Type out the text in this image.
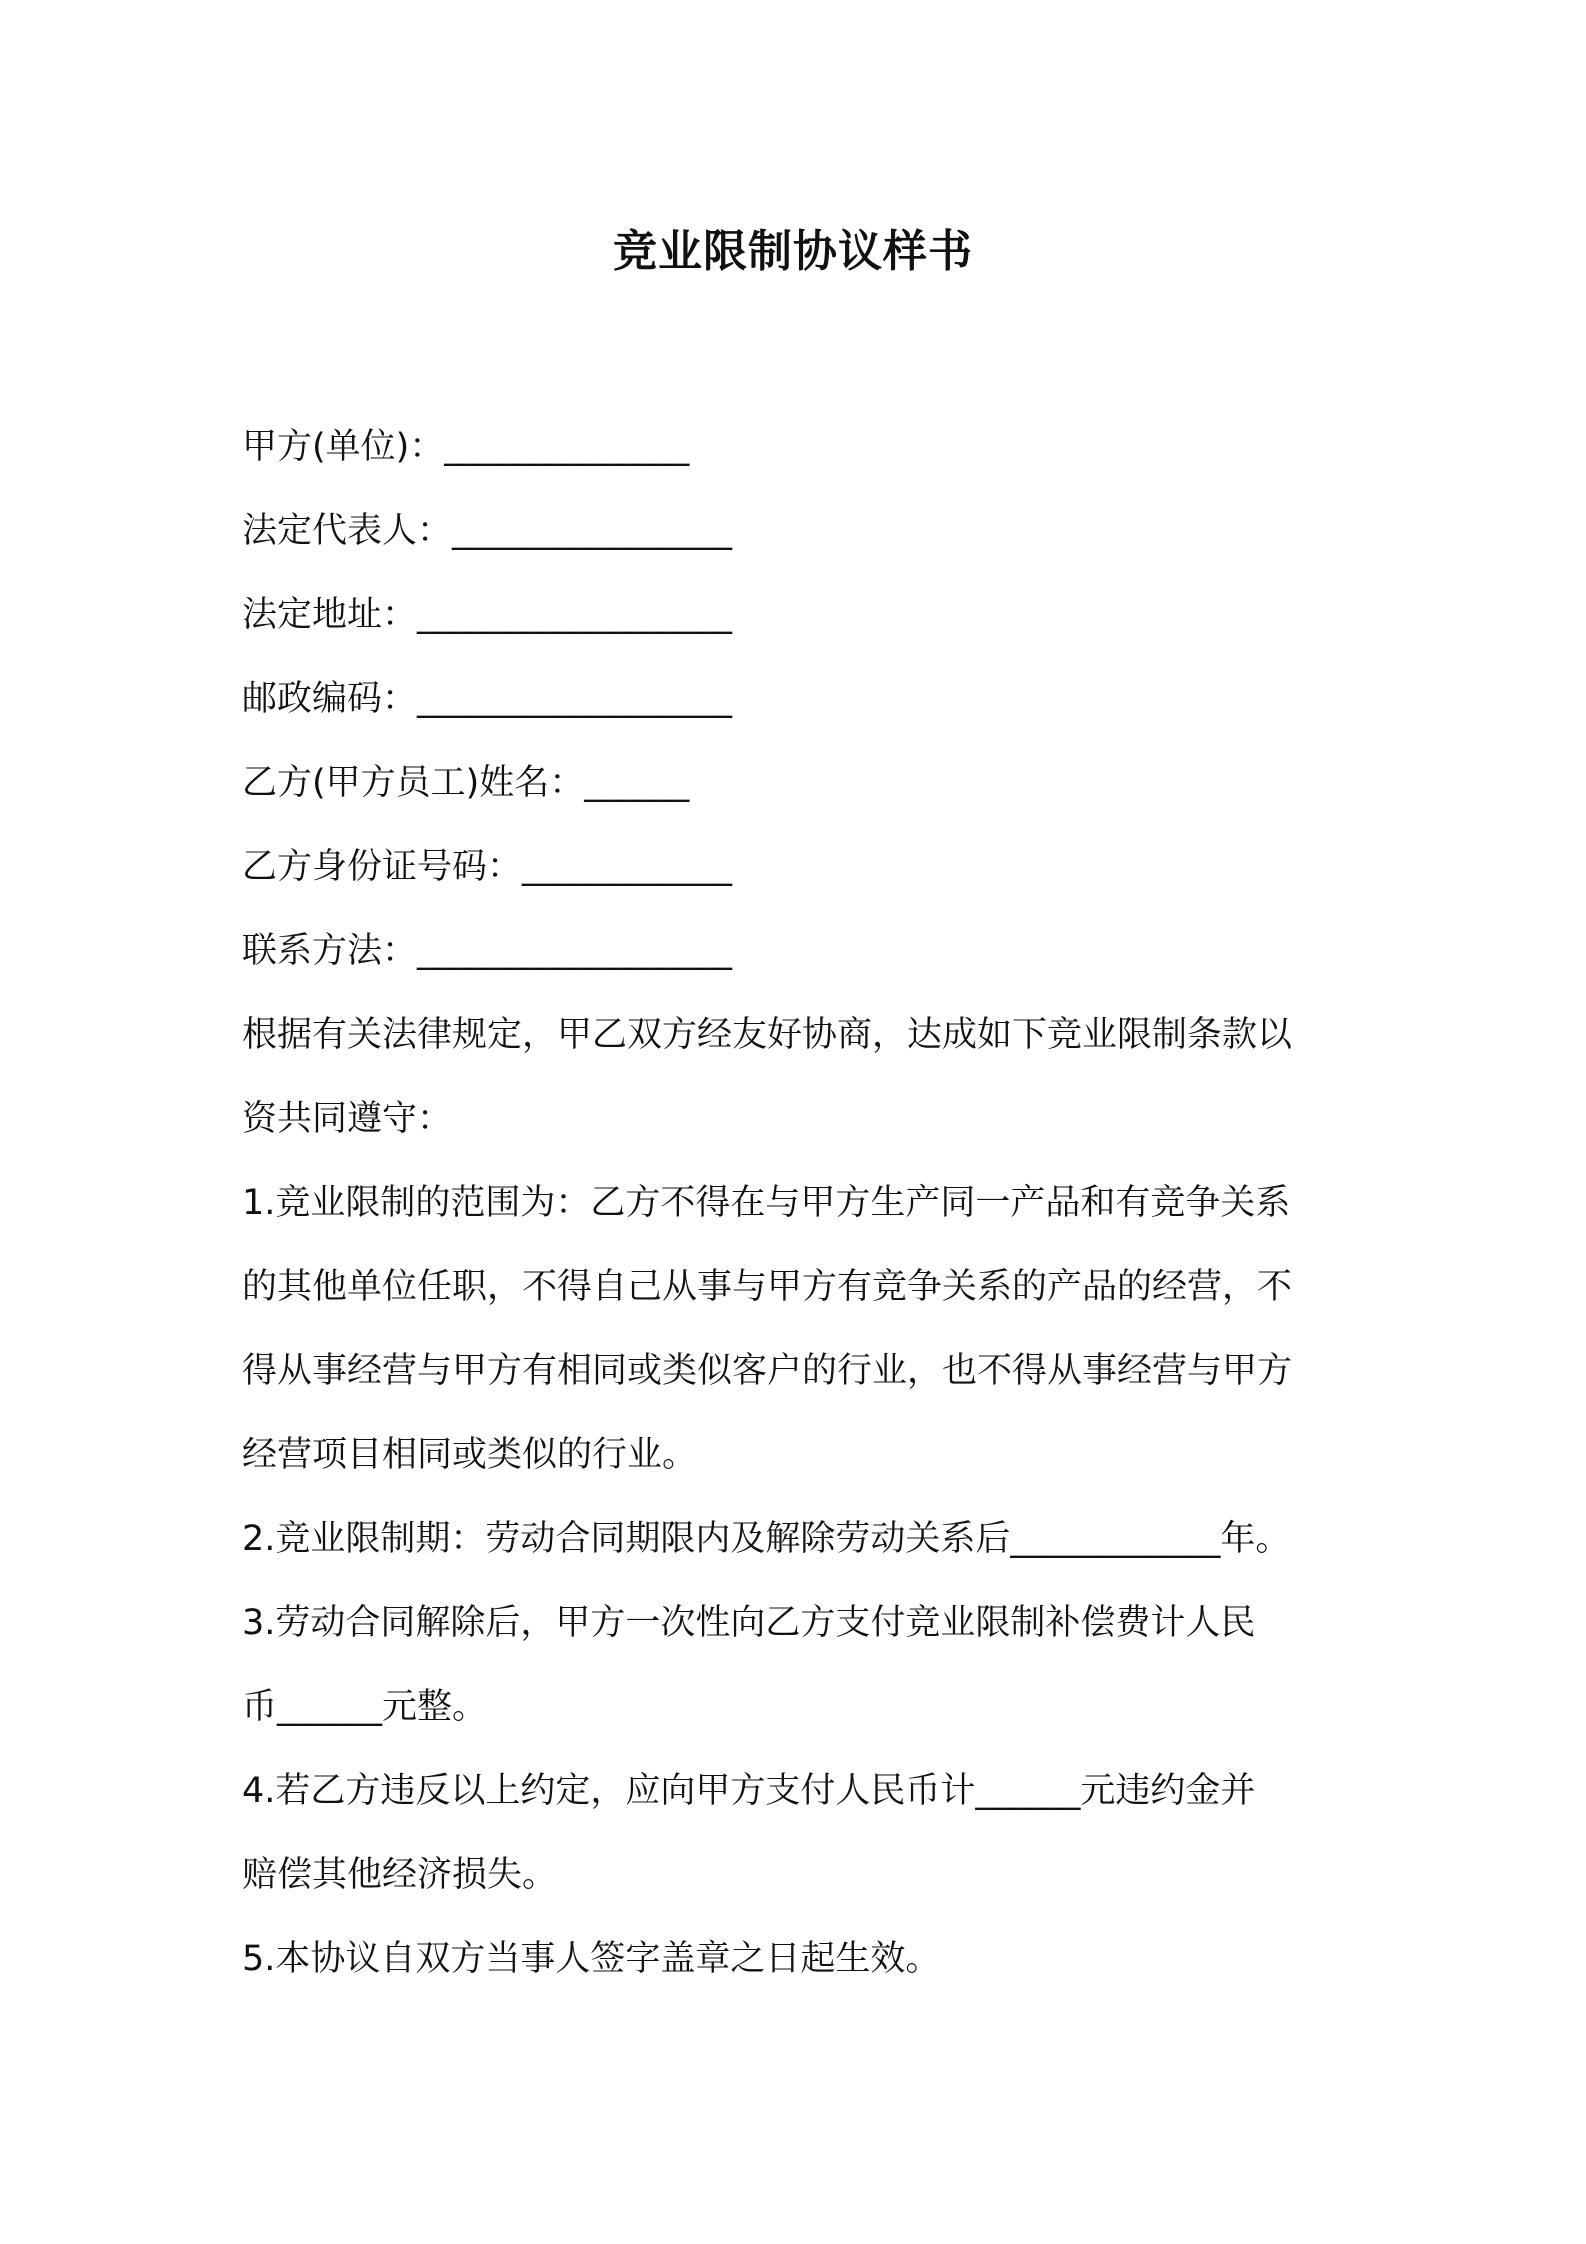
竞业限制协议样书

甲方(单位)：______________

法定代表人：________________

法定地址：__________________

邮政编码：__________________

乙方(甲方员工)姓名：______

乙方身份证号码：____________

联系方法：__________________

根据有关法律规定，甲乙双方经友好协商，达成如下竞业限制条款以

资共同遵守：

1.竞业限制的范围为：乙方不得在与甲方生产同一产品和有竞争关系

的其他单位任职，不得自己从事与甲方有竞争关系的产品的经营，不

得从事经营与甲方有相同或类似客户的行业，也不得从事经营与甲方

经营项目相同或类似的行业。

2.竞业限制期：劳动合同期限内及解除劳动关系后____________年。

3.劳动合同解除后，甲方一次性向乙方支付竞业限制补偿费计人民

币______元整。

4.若乙方违反以上约定，应向甲方支付人民币计______元违约金并

赔偿其他经济损失。

5.本协议自双方当事人签字盖章之日起生效。
